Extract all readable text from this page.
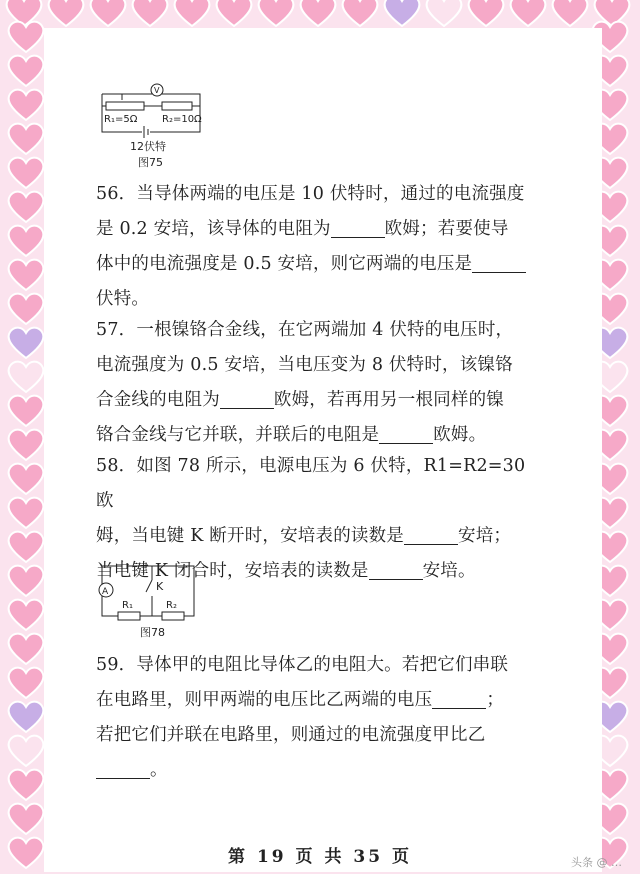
V
R₁=5Ω R₂=10Ω
12伏特
图75
56．当导体两端的电压是 10 伏特时，通过的电流强度
是 0.2 安培，该导体的电阻为	欧姆；若要使导
体中的电流强度是 0.5 安培，则它两端的电压是
伏特。
57．一根镍铬合金线，在它两端加 4 伏特的电压时，
电流强度为 0.5 安培，当电压变为 8 伏特时，该镍铬
合金线的电阻为	欧姆，若再用另一根同样的镍
铬合金线与它并联，并联后的电阻是	欧姆。
58．如图 78 所示，电源电压为 6 伏特，R1=R2=30 欧
姆，当电键 K 断开时，安培表的读数是	安培；
当电键 K 闭合时，安培表的读数是	安培。
A	K
R₁	R₂
图78
59．导体甲的电阻比导体乙的电阻大。若把它们串联
在电路里，则甲两端的电压比乙两端的电压	；
若把它们并联在电路里，则通过的电流强度甲比乙
。
第 19 页 共 35 页	头条 @ …
